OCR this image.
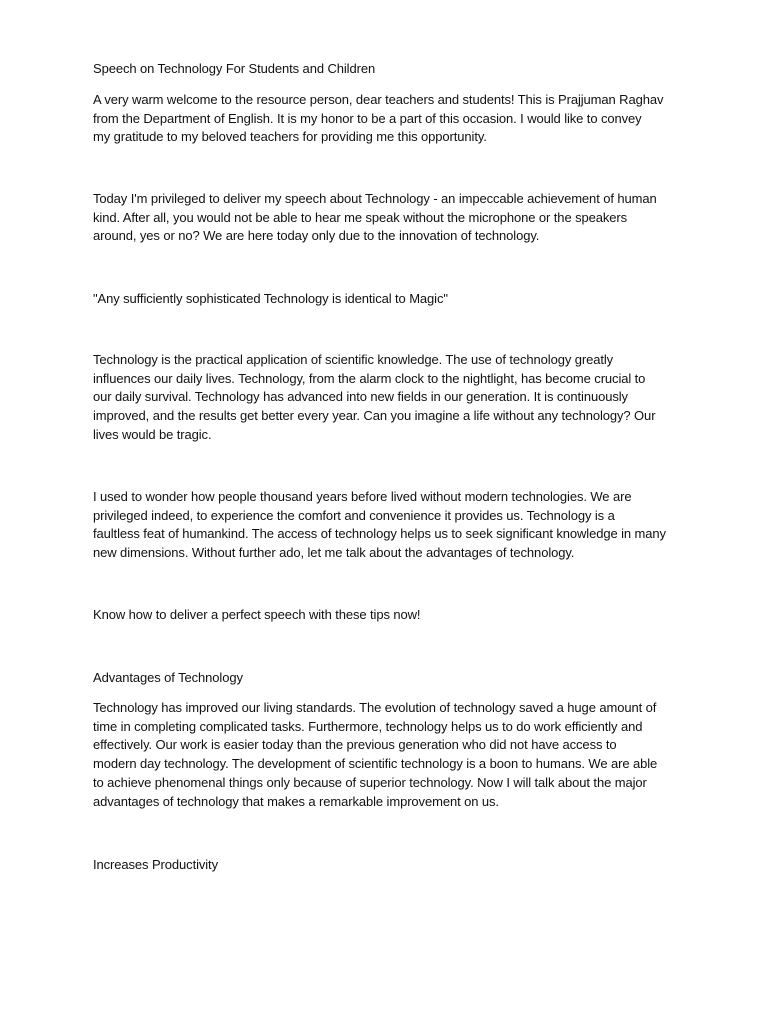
Speech on Technology For Students and Children

A very warm welcome to the resource person, dear teachers and students! This is Prajjuman Raghav
from the Department of English. It is my honor to be a part of this occasion. I would like to convey
my gratitude to my beloved teachers for providing me this opportunity.
Today I'm privileged to deliver my speech about Technology - an impeccable achievement of human
kind. After all, you would not be able to hear me speak without the microphone or the speakers
around, yes or no? We are here today only due to the innovation of technology.
"Any sufficiently sophisticated Technology is identical to Magic"
Technology is the practical application of scientific knowledge. The use of technology greatly
influences our daily lives. Technology, from the alarm clock to the nightlight, has become crucial to
our daily survival. Technology has advanced into new fields in our generation. It is continuously
improved, and the results get better every year. Can you imagine a life without any technology? Our
lives would be tragic.
I used to wonder how people thousand years before lived without modern technologies. We are
privileged indeed, to experience the comfort and convenience it provides us. Technology is a
faultless feat of humankind. The access of technology helps us to seek significant knowledge in many
new dimensions. Without further ado, let me talk about the advantages of technology.
Know how to deliver a perfect speech with these tips now!
Advantages of Technology
Technology has improved our living standards. The evolution of technology saved a huge amount of
time in completing complicated tasks. Furthermore, technology helps us to do work efficiently and
effectively. Our work is easier today than the previous generation who did not have access to
modern day technology. The development of scientific technology is a boon to humans. We are able
to achieve phenomenal things only because of superior technology. Now I will talk about the major
advantages of technology that makes a remarkable improvement on us.
Increases Productivity
